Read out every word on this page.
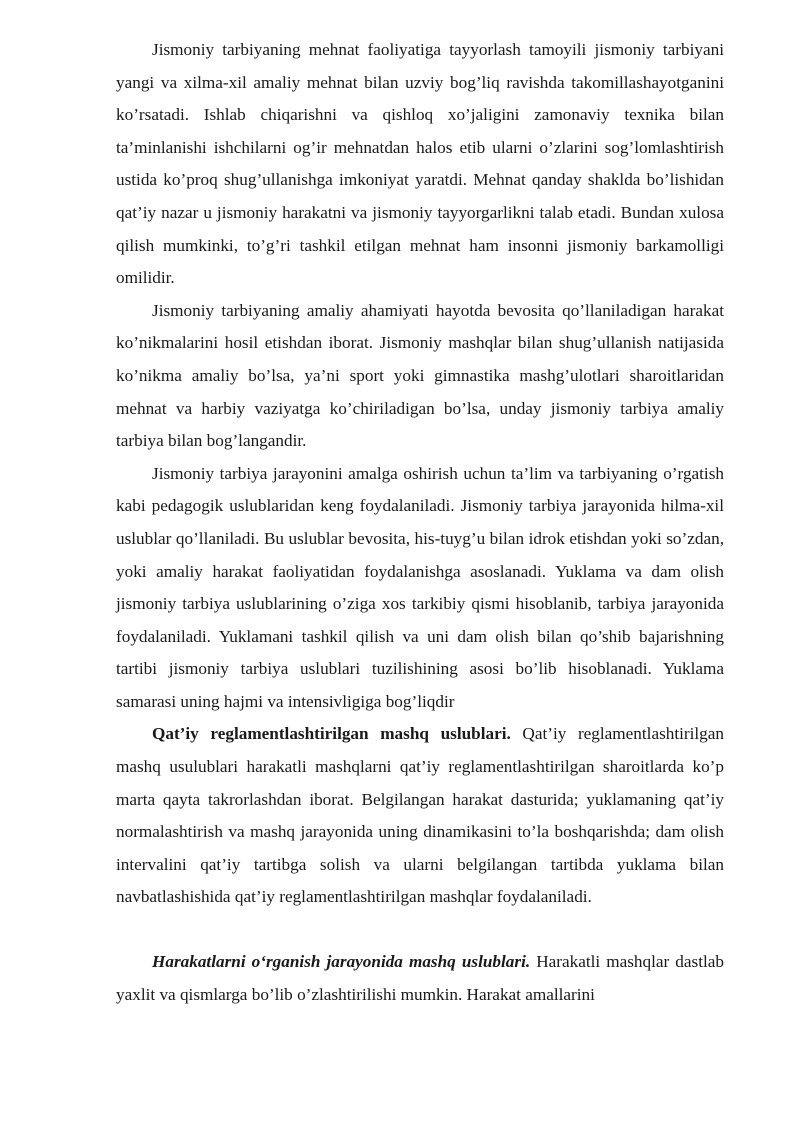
Jismoniy tarbiyaning mehnat faoliyatiga tayyorlash tamoyili jismoniy tarbiyani yangi va xilma-xil amaliy mehnat bilan uzviy bog’liq ravishda takomillashayotganini ko’rsatadi. Ishlab chiqarishni va qishloq xo’jaligini zamonaviy texnika bilan ta’minlanishi ishchilarni og’ir mehnatdan halos etib ularni o’zlarini sog’lomlashtirish ustida ko’proq shug’ullanishga imkoniyat yaratdi. Mehnat qanday shaklda bo’lishidan qat’iy nazar u jismoniy harakatni va jismoniy tayyorgarlikni talab etadi. Bundan xulosa qilish mumkinki, to’g’ri tashkil etilgan mehnat ham insonni jismoniy barkamolligi omilidir.

Jismoniy tarbiyaning amaliy ahamiyati hayotda bevosita qo’llaniladigan harakat ko’nikmalarini hosil etishdan iborat. Jismoniy mashqlar bilan shug’ullanish natijasida ko’nikma amaliy bo’lsa, ya’ni sport yoki gimnastika mashg’ulotlari sharoitlaridan mehnat va harbiy vaziyatga ko’chiriladigan bo’lsa, unday jismoniy tarbiya amaliy tarbiya bilan bog’langandir.

Jismoniy tarbiya jarayonini amalga oshirish uchun ta’lim va tarbiyaning o’rgatish kabi pedagogik uslublaridan keng foydalaniladi. Jismoniy tarbiya jarayonida hilma-xil uslublar qo’llaniladi. Bu uslublar bevosita, his-tuyg’u bilan idrok etishdan yoki so’zdan, yoki amaliy harakat faoliyatidan foydalanishga asoslanadi. Yuklama va dam olish jismoniy tarbiya uslublarining o’ziga xos tarkibiy qismi hisoblanib, tarbiya jarayonida foydalaniladi. Yuklamani tashkil qilish va uni dam olish bilan qo’shib bajarishning tartibi jismoniy tarbiya uslublari tuzilishining asosi bo’lib hisoblanadi. Yuklama samarasi uning hajmi va intensivligiga bog’liqdir

Qat’iy reglamentlashtirilgan mashq uslublari. Qat’iy reglamentlashtirilgan mashq usulublari harakatli mashqlarni qat’iy reglamentlashtirilgan sharoitlarda ko’p marta qayta takrorlashdan iborat. Belgilangan harakat dasturida; yuklamaning qat’iy normalashtirish va mashq jarayonida uning dinamikasini to’la boshqarishda; dam olish intervalini qat’iy tartibga solish va ularni belgilangan tartibda yuklama bilan navbatlashishida qat’iy reglamentlashtirilgan mashqlar foydalaniladi.

Harakatlarni o‘rganish jarayonida mashq uslublari. Harakatli mashqlar dastlab yaxlit va qismlarga bo’lib o’zlashtirilishi mumkin. Harakat amallarini
